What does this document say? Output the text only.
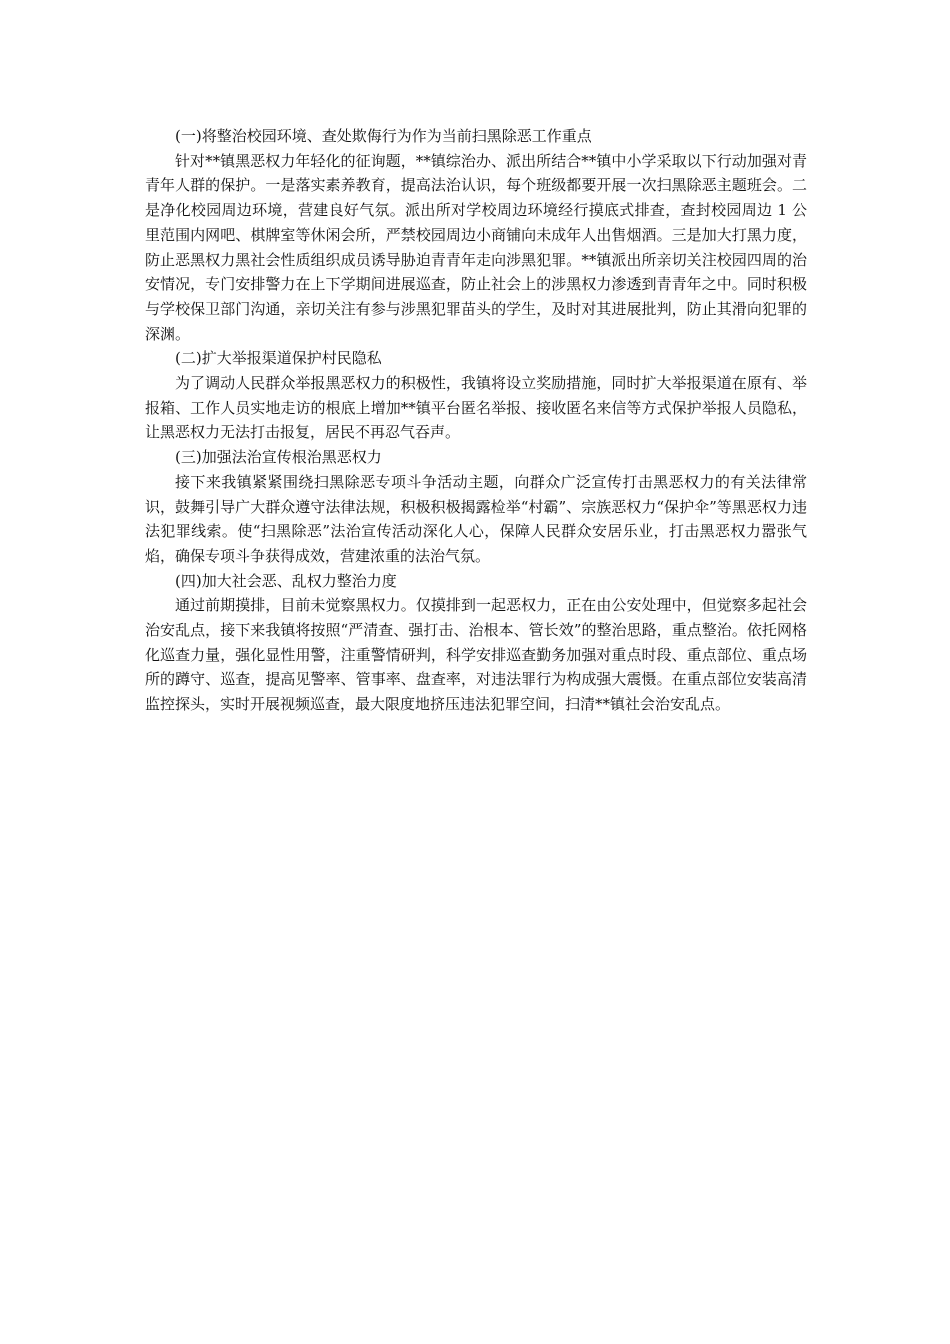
(一)将整治校园环境、查处欺侮行为作为当前扫黑除恶工作重点

针对**镇黑恶权力年轻化的征询题，**镇综治办、派出所结合**镇中小学采取以下行动加强对青青年人群的保护。一是落实素养教育，提高法治认识，每个班级都要开展一次扫黑除恶主题班会。二是净化校园周边环境，营建良好气氛。派出所对学校周边环境经行摸底式排查，查封校园周边 1 公里范围内网吧、棋牌室等休闲会所，严禁校园周边小商铺向未成年人出售烟酒。三是加大打黑力度，防止恶黑权力黑社会性质组织成员诱导胁迫青青年走向涉黑犯罪。**镇派出所亲切关注校园四周的治安情况，专门安排警力在上下学期间进展巡查，防止社会上的涉黑权力渗透到青青年之中。同时积极与学校保卫部门沟通，亲切关注有参与涉黑犯罪苗头的学生，及时对其进展批判，防止其滑向犯罪的深渊。

(二)扩大举报渠道保护村民隐私

为了调动人民群众举报黑恶权力的积极性，我镇将设立奖励措施，同时扩大举报渠道在原有、举报箱、工作人员实地走访的根底上增加**镇平台匿名举报、接收匿名来信等方式保护举报人员隐私，让黑恶权力无法打击报复，居民不再忍气吞声。

(三)加强法治宣传根治黑恶权力

接下来我镇紧紧围绕扫黑除恶专项斗争活动主题，向群众广泛宣传打击黑恶权力的有关法律常识，鼓舞引导广大群众遵守法律法规，积极积极揭露检举“村霸”、宗族恶权力“保护伞”等黑恶权力违法犯罪线索。使“扫黑除恶”法治宣传活动深化人心，保障人民群众安居乐业，打击黑恶权力嚣张气焰，确保专项斗争获得成效，营建浓重的法治气氛。

(四)加大社会恶、乱权力整治力度

通过前期摸排，目前未觉察黑权力。仅摸排到一起恶权力，正在由公安处理中，但觉察多起社会治安乱点，接下来我镇将按照“严清查、强打击、治根本、管长效”的整治思路，重点整治。依托网格化巡查力量，强化显性用警，注重警情研判，科学安排巡查勤务加强对重点时段、重点部位、重点场所的蹲守、巡查，提高见警率、管事率、盘查率，对违法罪行为构成强大震慑。在重点部位安装高清监控探头，实时开展视频巡查，最大限度地挤压违法犯罪空间，扫清**镇社会治安乱点。
